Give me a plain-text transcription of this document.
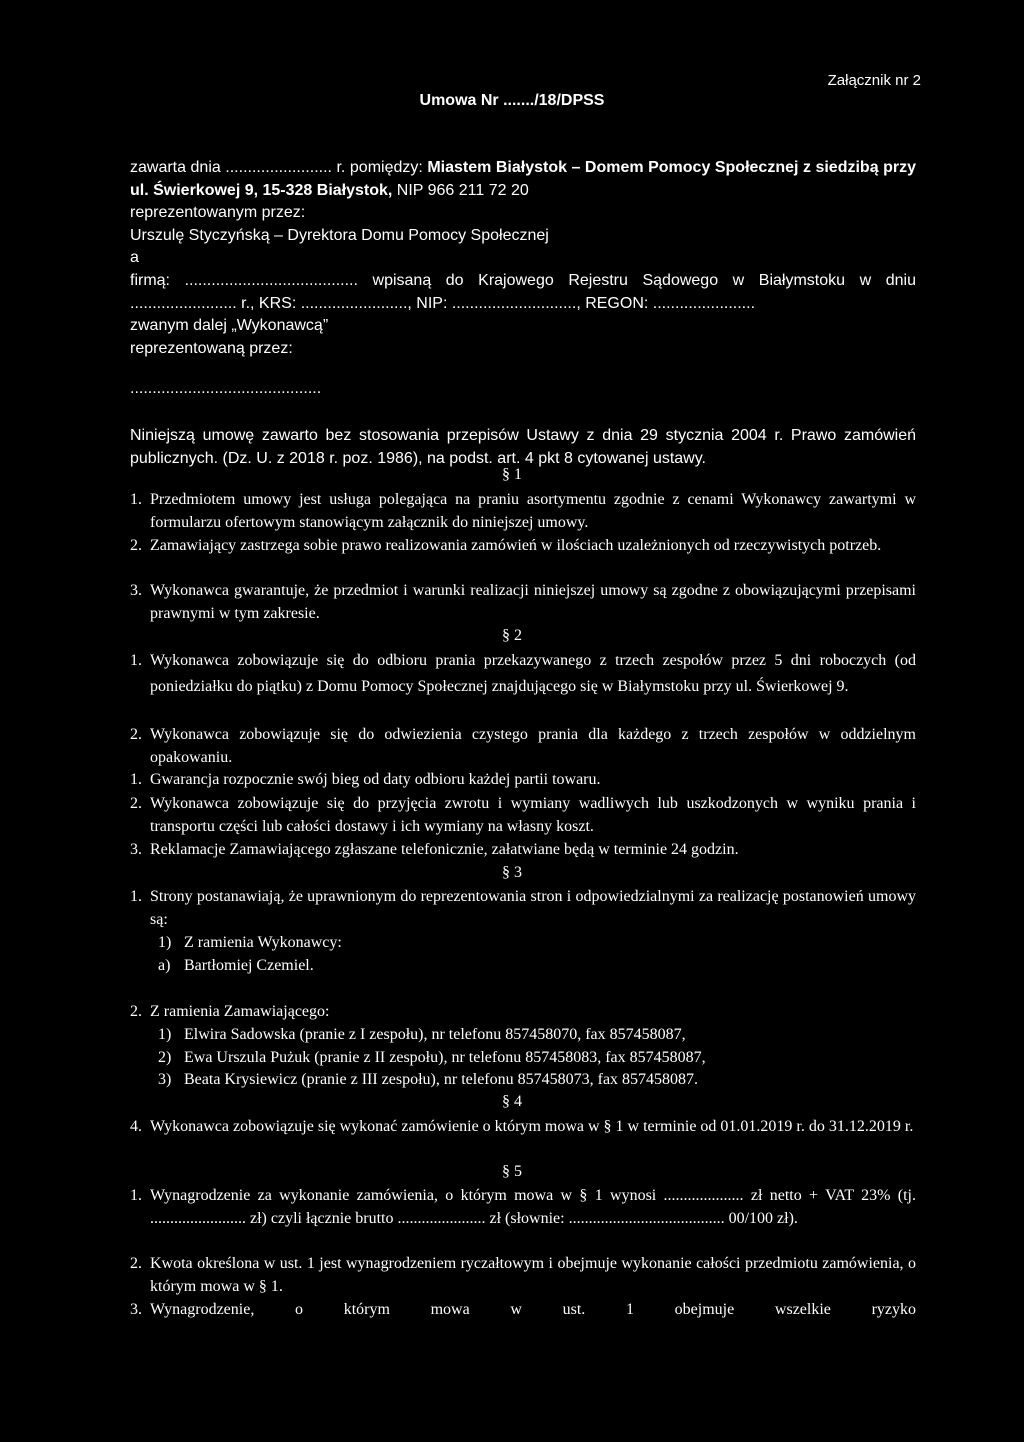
Załącznik nr 2
Umowa Nr ......./18/DPSS

zawarta dnia ........................ r. pomiędzy: Miastem Białystok – Domem Pomocy Społecznej z siedzibą przy ul. Świerkowej 9, 15-328 Białystok, NIP 966 211 72 20

reprezentowanym przez:

Urszulę Styczyńską – Dyrektora Domu Pomocy Społecznej

a

firmą: ....................................... wpisaną do Krajowego Rejestru Sądowego w Białymstoku w dniu ........................ r., KRS: ........................, NIP: ............................, REGON: .......................

zwanym dalej „Wykonawcą”

reprezentowaną przez:

...........................................
Niniejszą umowę zawarto bez stosowania przepisów Ustawy z dnia 29 stycznia 2004 r. Prawo zamówień publicznych. (Dz. U. z 2018 r. poz. 1986), na podst. art. 4 pkt 8 cytowanej ustawy.
§ 1
1. Przedmiotem umowy jest usługa polegająca na praniu asortymentu zgodnie z cenami Wykonawcy zawartymi w formularzu ofertowym stanowiącym załącznik do niniejszej umowy.
2. Zamawiający zastrzega sobie prawo realizowania zamówień w ilościach uzależnionych od rzeczywistych potrzeb.
3. Wykonawca gwarantuje, że przedmiot i warunki realizacji niniejszej umowy są zgodne z obowiązującymi przepisami prawnymi w tym zakresie.
§ 2
1. Wykonawca zobowiązuje się do odbioru prania przekazywanego z trzech zespołów przez 5 dni roboczych (od poniedziałku do piątku) z Domu Pomocy Społecznej znajdującego się w Białymstoku przy ul. Świerkowej 9.
2. Wykonawca zobowiązuje się do odwiezienia czystego prania dla każdego z trzech zespołów w oddzielnym opakowaniu.
1. Gwarancja rozpocznie swój bieg od daty odbioru każdej partii towaru.
2. Wykonawca zobowiązuje się do przyjęcia zwrotu i wymiany wadliwych lub uszkodzonych w wyniku prania i transportu części lub całości dostawy i ich wymiany na własny koszt.
3. Reklamacje Zamawiającego zgłaszane telefonicznie, załatwiane będą w terminie 24 godzin.
§ 3
1. Strony postanawiają, że uprawnionym do reprezentowania stron i odpowiedzialnymi za realizację postanowień umowy są:
1) Z ramienia Wykonawcy:
a) Bartłomiej Czemiel.
2. Z ramienia Zamawiającego:
1) Elwira Sadowska (pranie z I zespołu), nr telefonu 857458070, fax 857458087,
2) Ewa Urszula Pużuk (pranie z II zespołu), nr telefonu 857458083, fax 857458087,
3) Beata Krysiewicz (pranie z III zespołu), nr telefonu 857458073, fax 857458087.
§ 4
4. Wykonawca zobowiązuje się wykonać zamówienie o którym mowa w § 1 w terminie od 01.01.2019 r. do 31.12.2019 r.
§ 5
1. Wynagrodzenie za wykonanie zamówienia, o którym mowa w § 1 wynosi .................... zł netto + VAT 23% (tj. ........................ zł) czyli łącznie brutto ...................... zł (słownie: ....................................... 00/100 zł).
2. Kwota określona w ust. 1 jest wynagrodzeniem ryczałtowym i obejmuje wykonanie całości przedmiotu zamówienia, o którym mowa w § 1.
3. Wynagrodzenie, o którym mowa w ust. 1 obejmuje wszelkie ryzyko
